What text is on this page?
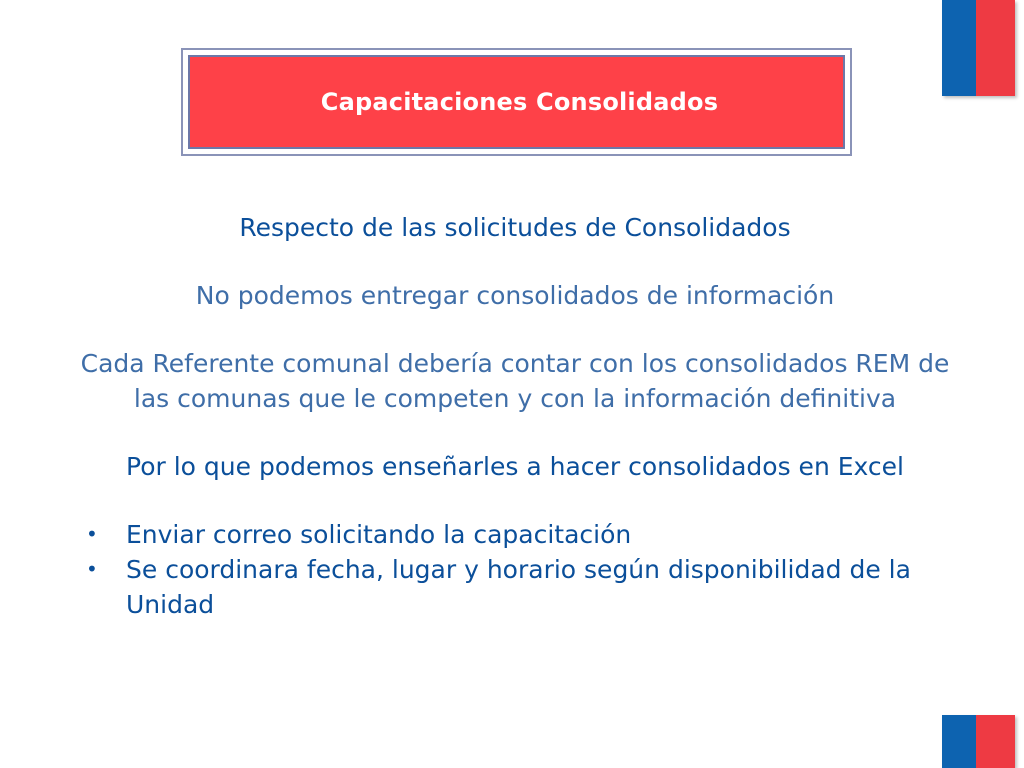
Capacitaciones Consolidados

Respecto de las solicitudes de Consolidados

No podemos entregar consolidados de información

Cada Referente comunal debería contar con los consolidados REM de las comunas que le competen y con la información definitiva

Por lo que podemos enseñarles a hacer consolidados en Excel

• Enviar correo solicitando la capacitación
• Se coordinara fecha, lugar y horario según disponibilidad de la Unidad
